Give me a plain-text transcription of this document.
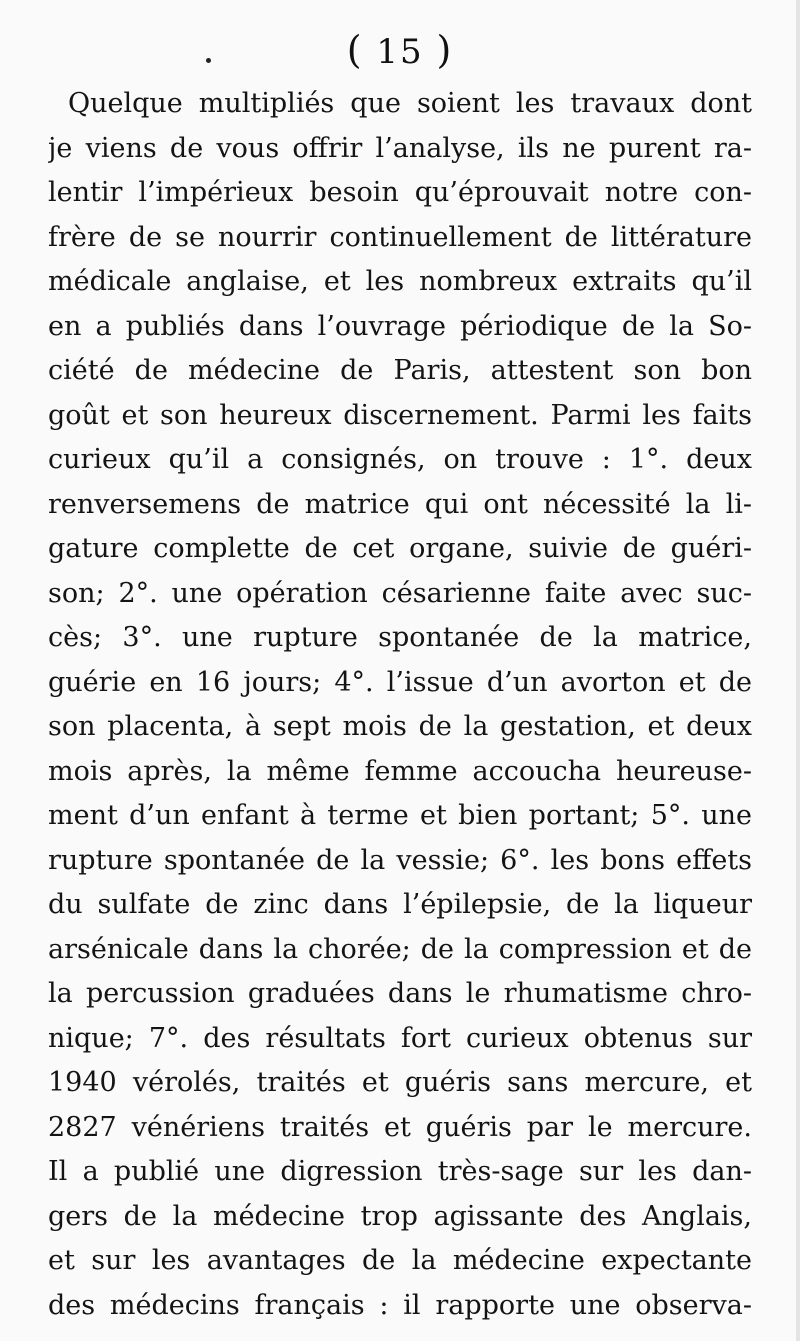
( 15 )
Quelque multipliés que soient les travaux dont
je viens de vous offrir l’analyse, ils ne purent ra-
lentir l’impérieux besoin qu’éprouvait notre con-
frère de se nourrir continuellement de littérature
médicale anglaise, et les nombreux extraits qu’il
en a publiés dans l’ouvrage périodique de la So-
ciété de médecine de Paris, attestent son bon
goût et son heureux discernement. Parmi les faits
curieux qu’il a consignés, on trouve : 1°. deux
renversemens de matrice qui ont nécessité la li-
gature complette de cet organe, suivie de guéri-
son; 2°. une opération césarienne faite avec suc-
cès; 3°. une rupture spontanée de la matrice,
guérie en 16 jours; 4°. l’issue d’un avorton et de
son placenta, à sept mois de la gestation, et deux
mois après, la même femme accoucha heureuse-
ment d’un enfant à terme et bien portant; 5°. une
rupture spontanée de la vessie; 6°. les bons effets
du sulfate de zinc dans l’épilepsie, de la liqueur
arsénicale dans la chorée; de la compression et de
la percussion graduées dans le rhumatisme chro-
nique; 7°. des résultats fort curieux obtenus sur
1940 vérolés, traités et guéris sans mercure, et
2827 vénériens traités et guéris par le mercure.
Il a publié une digression très-sage sur les dan-
gers de la médecine trop agissante des Anglais,
et sur les avantages de la médecine expectante
des médecins français : il rapporte une observa-
